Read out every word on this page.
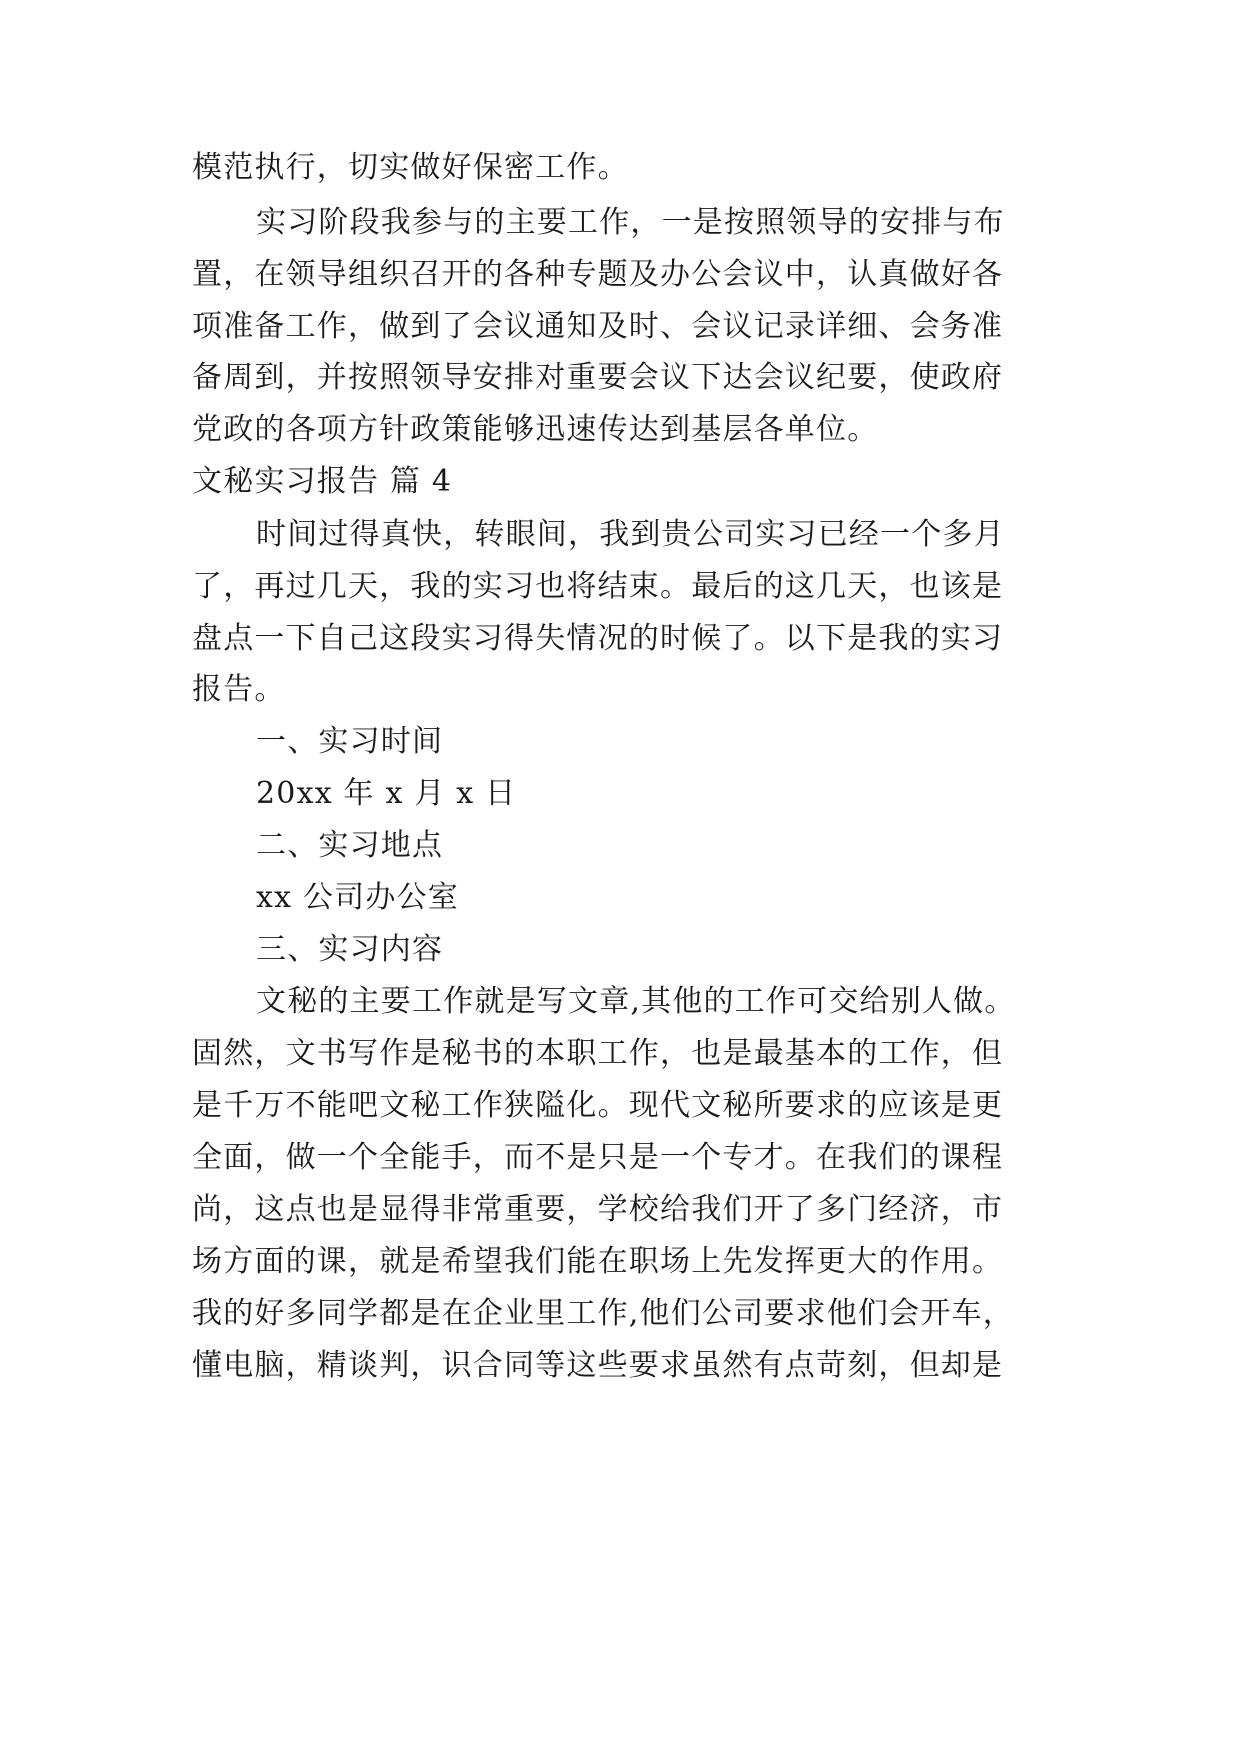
模范执行，切实做好保密工作。
实习阶段我参与的主要工作，一是按照领导的安排与布
置，在领导组织召开的各种专题及办公会议中，认真做好各
项准备工作，做到了会议通知及时、会议记录详细、会务准
备周到，并按照领导安排对重要会议下达会议纪要，使政府
党政的各项方针政策能够迅速传达到基层各单位。
文秘实习报告 篇 4
时间过得真快，转眼间，我到贵公司实习已经一个多月
了，再过几天，我的实习也将结束。最后的这几天，也该是
盘点一下自己这段实习得失情况的时候了。以下是我的实习
报告。
一、实习时间
20xx 年 x 月 x 日
二、实习地点
xx 公司办公室
三、实习内容
文秘的主要工作就是写文章,其他的工作可交给别人做。
固然，文书写作是秘书的本职工作，也是最基本的工作，但
是千万不能吧文秘工作狭隘化。现代文秘所要求的应该是更
全面，做一个全能手，而不是只是一个专才。在我们的课程
尚，这点也是显得非常重要，学校给我们开了多门经济，市
场方面的课，就是希望我们能在职场上先发挥更大的作用。
我的好多同学都是在企业里工作,他们公司要求他们会开车，
懂电脑，精谈判，识合同等这些要求虽然有点苛刻，但却是
